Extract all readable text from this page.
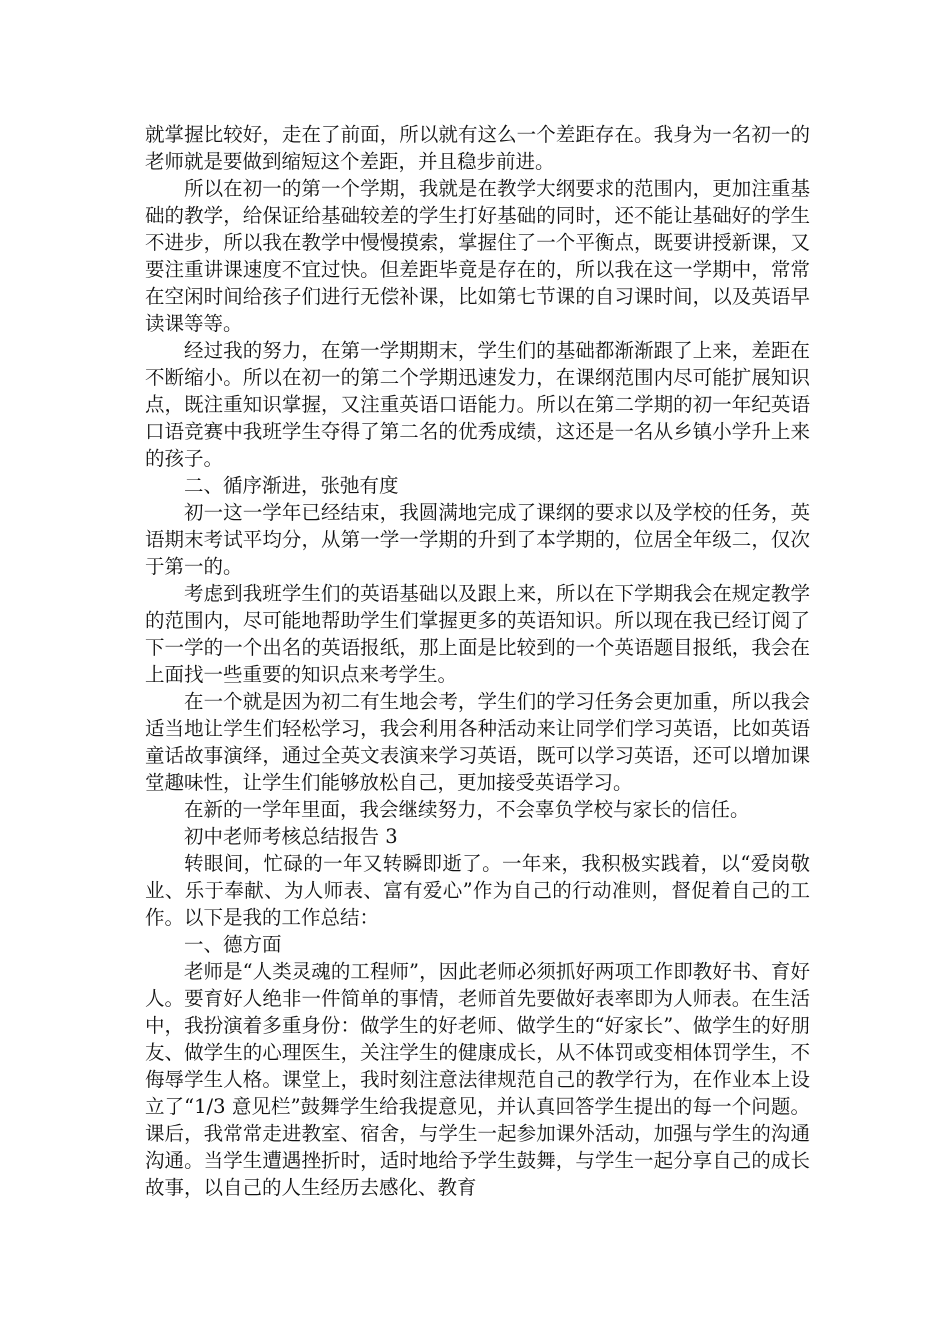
就掌握比较好，走在了前面，所以就有这么一个差距存在。我身为一名初一的老师就是要做到缩短这个差距，并且稳步前进。

所以在初一的第一个学期，我就是在教学大纲要求的范围内，更加注重基础的教学，给保证给基础较差的学生打好基础的同时，还不能让基础好的学生不进步，所以我在教学中慢慢摸索，掌握住了一个平衡点，既要讲授新课，又要注重讲课速度不宜过快。但差距毕竟是存在的，所以我在这一学期中，常常在空闲时间给孩子们进行无偿补课，比如第七节课的自习课时间，以及英语早读课等等。

经过我的努力，在第一学期期末，学生们的基础都渐渐跟了上来，差距在不断缩小。所以在初一的第二个学期迅速发力，在课纲范围内尽可能扩展知识点，既注重知识掌握，又注重英语口语能力。所以在第二学期的初一年纪英语口语竞赛中我班学生夺得了第二名的优秀成绩，这还是一名从乡镇小学升上来的孩子。

二、循序渐进，张弛有度

初一这一学年已经结束，我圆满地完成了课纲的要求以及学校的任务，英语期末考试平均分，从第一学一学期的升到了本学期的，位居全年级二，仅次于第一的。

考虑到我班学生们的英语基础以及跟上来，所以在下学期我会在规定教学的范围内，尽可能地帮助学生们掌握更多的英语知识。所以现在我已经订阅了下一学的一个出名的英语报纸，那上面是比较到的一个英语题目报纸，我会在上面找一些重要的知识点来考学生。

在一个就是因为初二有生地会考，学生们的学习任务会更加重，所以我会适当地让学生们轻松学习，我会利用各种活动来让同学们学习英语，比如英语童话故事演绎，通过全英文表演来学习英语，既可以学习英语，还可以增加课堂趣味性，让学生们能够放松自己，更加接受英语学习。

在新的一学年里面，我会继续努力，不会辜负学校与家长的信任。

初中老师考核总结报告 3

转眼间，忙碌的一年又转瞬即逝了。一年来，我积极实践着，以“爱岗敬业、乐于奉献、为人师表、富有爱心”作为自己的行动准则，督促着自己的工作。以下是我的工作总结：

一、德方面

老师是“人类灵魂的工程师”，因此老师必须抓好两项工作即教好书、育好人。要育好人绝非一件简单的事情，老师首先要做好表率即为人师表。在生活中，我扮演着多重身份：做学生的好老师、做学生的“好家长”、做学生的好朋友、做学生的心理医生，关注学生的健康成长，从不体罚或变相体罚学生，不侮辱学生人格。课堂上，我时刻注意法律规范自己的教学行为，在作业本上设立了“1/3 意见栏”鼓舞学生给我提意见，并认真回答学生提出的每一个问题。课后，我常常走进教室、宿舍，与学生一起参加课外活动，加强与学生的沟通沟通。当学生遭遇挫折时，适时地给予学生鼓舞，与学生一起分享自己的成长故事，以自己的人生经历去感化、教育
